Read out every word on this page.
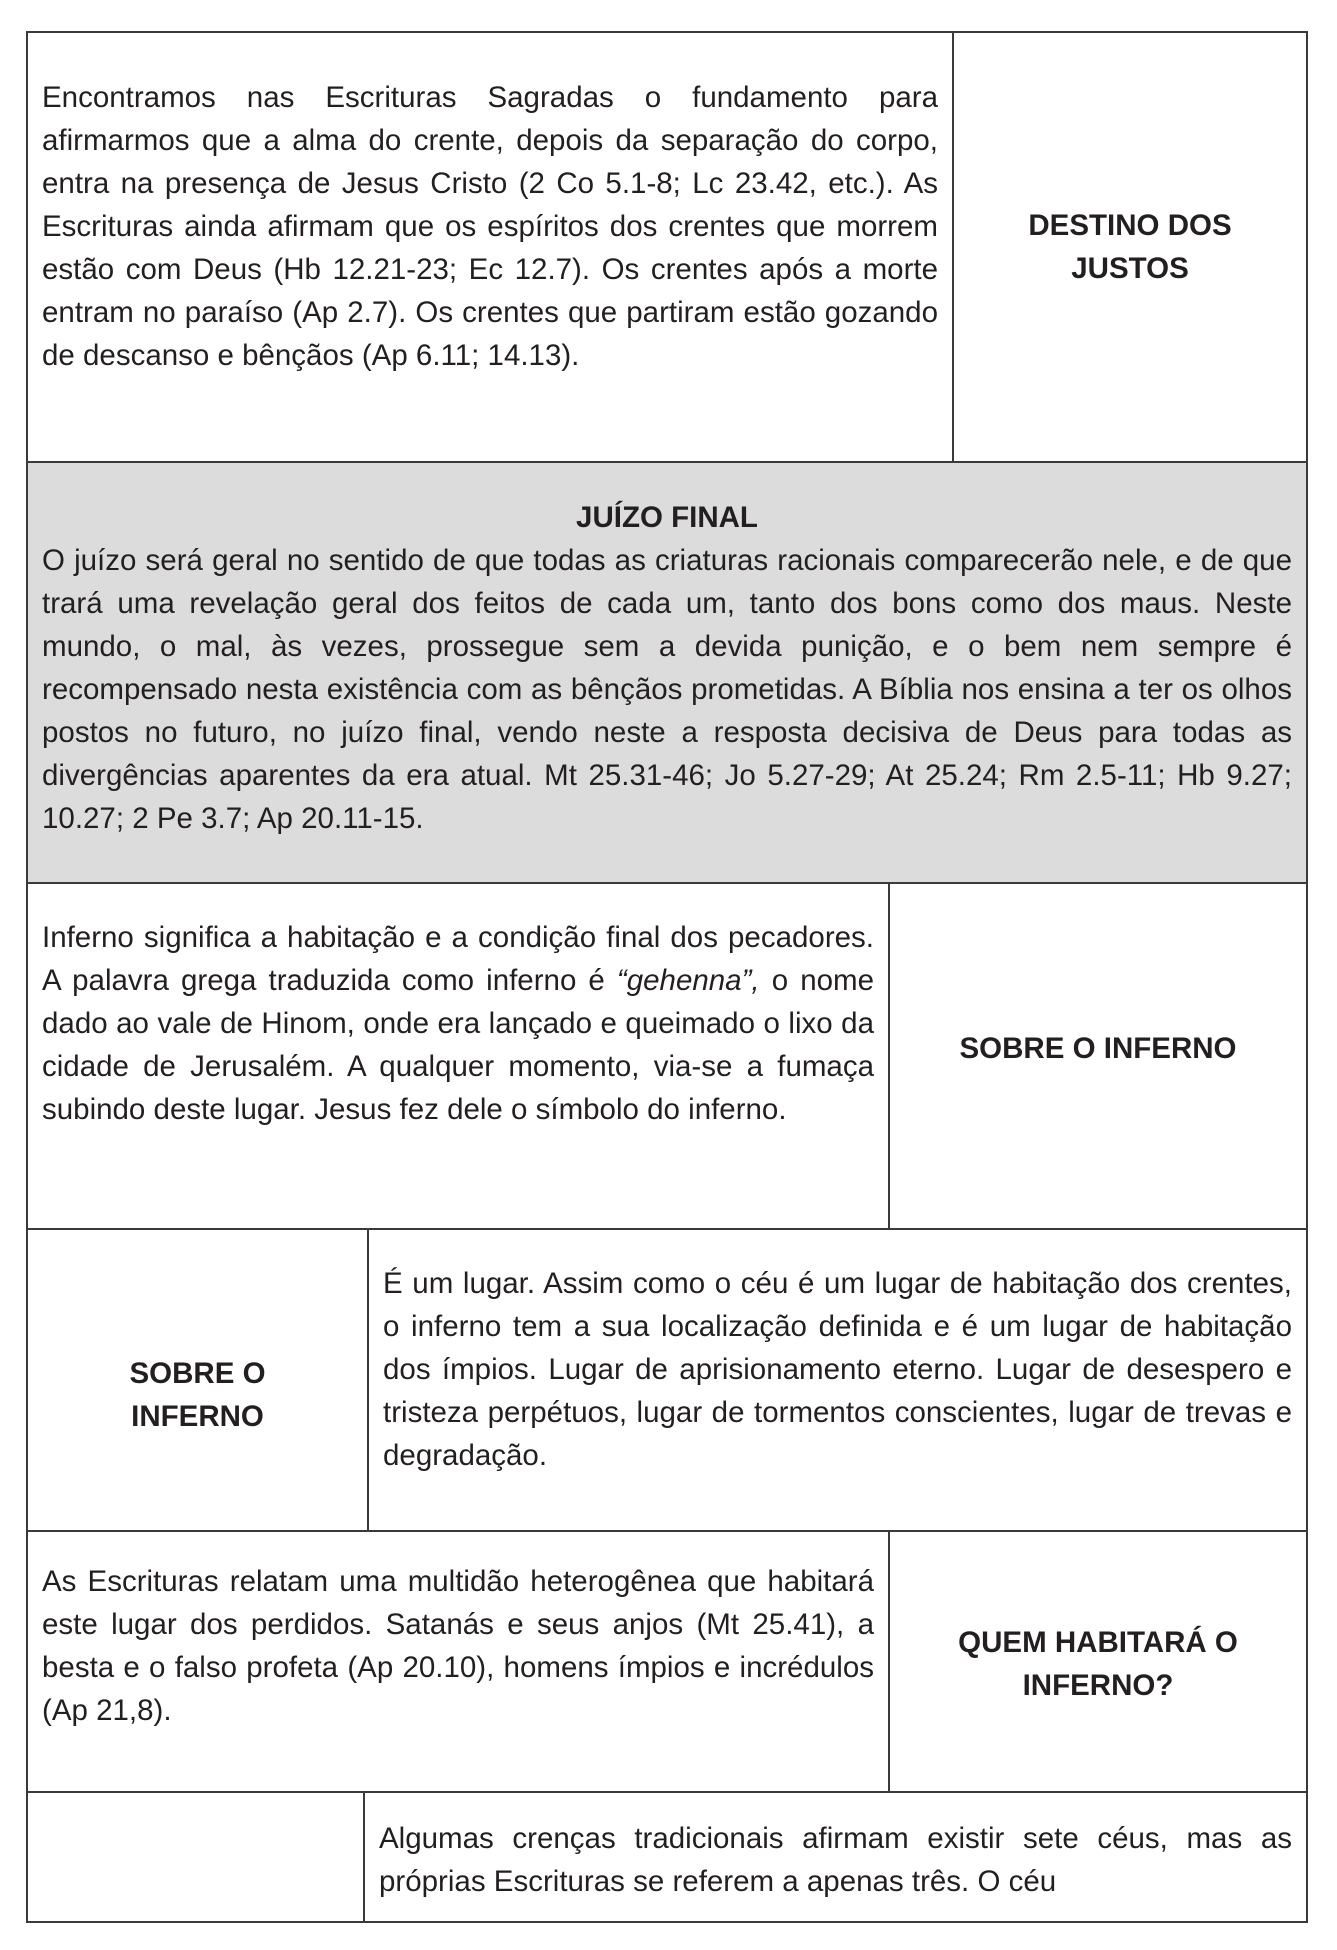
Encontramos nas Escrituras Sagradas o fundamento para afirmarmos que a alma do crente, depois da separação do corpo, entra na presença de Jesus Cristo (2 Co 5.1-8; Lc 23.42, etc.). As Escrituras ainda afirmam que os espíritos dos crentes que morrem estão com Deus (Hb 12.21-23; Ec 12.7). Os crentes após a morte entram no paraíso (Ap 2.7). Os crentes que partiram estão gozando de descanso e bênçãos (Ap 6.11; 14.13).

DESTINO DOS
JUSTOS
JUÍZO FINAL

O juízo será geral no sentido de que todas as criaturas racionais comparecerão nele, e de que trará uma revelação geral dos feitos de cada um, tanto dos bons como dos maus. Neste mundo, o mal, às vezes, prossegue sem a devida punição, e o bem nem sempre é recompensado nesta existência com as bênçãos prometidas. A Bíblia nos ensina a ter os olhos postos no futuro, no juízo final, vendo neste a resposta decisiva de Deus para todas as divergências aparentes da era atual. Mt 25.31-46; Jo 5.27-29; At 25.24; Rm 2.5-11; Hb 9.27; 10.27; 2 Pe 3.7; Ap 20.11-15.

Inferno significa a habitação e a condição final dos pecadores. A palavra grega traduzida como inferno é “gehenna”, o nome dado ao vale de Hinom, onde era lançado e queimado o lixo da cidade de Jerusalém. A qualquer momento, via-se a fumaça subindo deste lugar. Jesus fez dele o símbolo do inferno.

SOBRE O INFERNO
SOBRE O
INFERNO

É um lugar. Assim como o céu é um lugar de habitação dos crentes, o inferno tem a sua localização definida e é um lugar de habitação dos ímpios. Lugar de aprisionamento eterno. Lugar de desespero e tristeza perpétuos, lugar de tormentos conscientes, lugar de trevas e degradação.

As Escrituras relatam uma multidão heterogênea que habitará este lugar dos perdidos. Satanás e seus anjos (Mt 25.41), a besta e o falso profeta (Ap 20.10), homens ímpios e incrédulos (Ap 21,8).

QUEM HABITARÁ O
INFERNO?

Algumas crenças tradicionais afirmam existir sete céus, mas as próprias Escrituras se referem a apenas três. O céu
